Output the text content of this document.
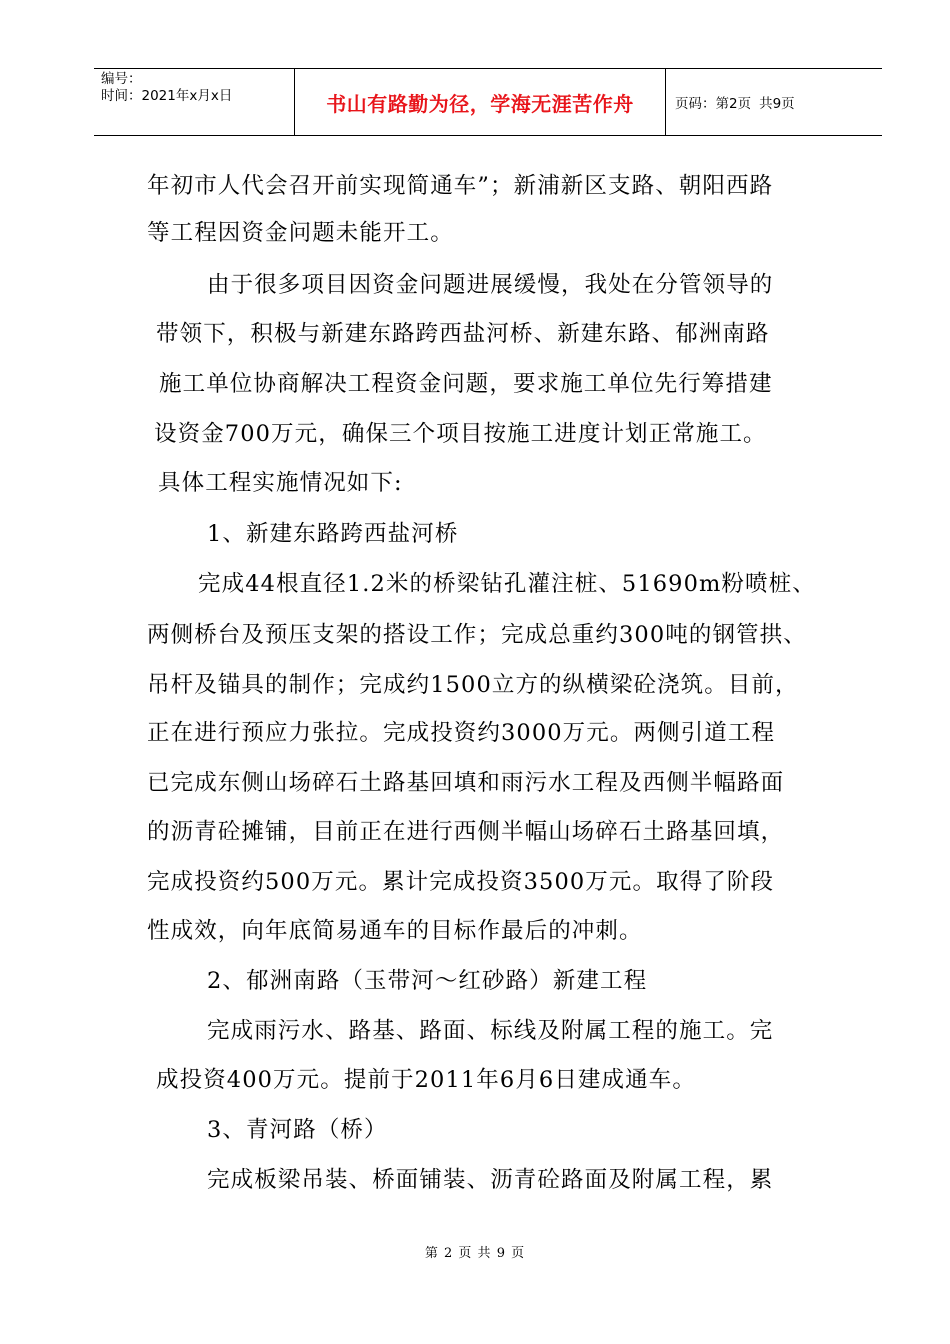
编号：
时间：2021年x月x日	书山有路勤为径，学海无涯苦作舟	页码：第2页 共9页
年初市人代会召开前实现简通车”；新浦新区支路、朝阳西路
等工程因资金问题未能开工。
由于很多项目因资金问题进展缓慢，我处在分管领导的
带领下，积极与新建东路跨西盐河桥、新建东路、郁洲南路
施工单位协商解决工程资金问题，要求施工单位先行筹措建
设资金700万元，确保三个项目按施工进度计划正常施工。
具体工程实施情况如下:
1、新建东路跨西盐河桥
完成44根直径1.2米的桥梁钻孔灌注桩、51690m粉喷桩、
两侧桥台及预压支架的搭设工作；完成总重约300吨的钢管拱、
吊杆及锚具的制作；完成约1500立方的纵横梁砼浇筑。目前，
正在进行预应力张拉。完成投资约3000万元。两侧引道工程
已完成东侧山场碎石土路基回填和雨污水工程及西侧半幅路面
的沥青砼摊铺，目前正在进行西侧半幅山场碎石土路基回填，
完成投资约500万元。累计完成投资3500万元。取得了阶段
性成效，向年底简易通车的目标作最后的冲刺。
2、郁洲南路（玉带河～红砂路）新建工程
完成雨污水、路基、路面、标线及附属工程的施工。完
成投资400万元。提前于2011年6月6日建成通车。
3、青河路（桥）
完成板梁吊装、桥面铺装、沥青砼路面及附属工程，累
第 2 页 共 9 页
